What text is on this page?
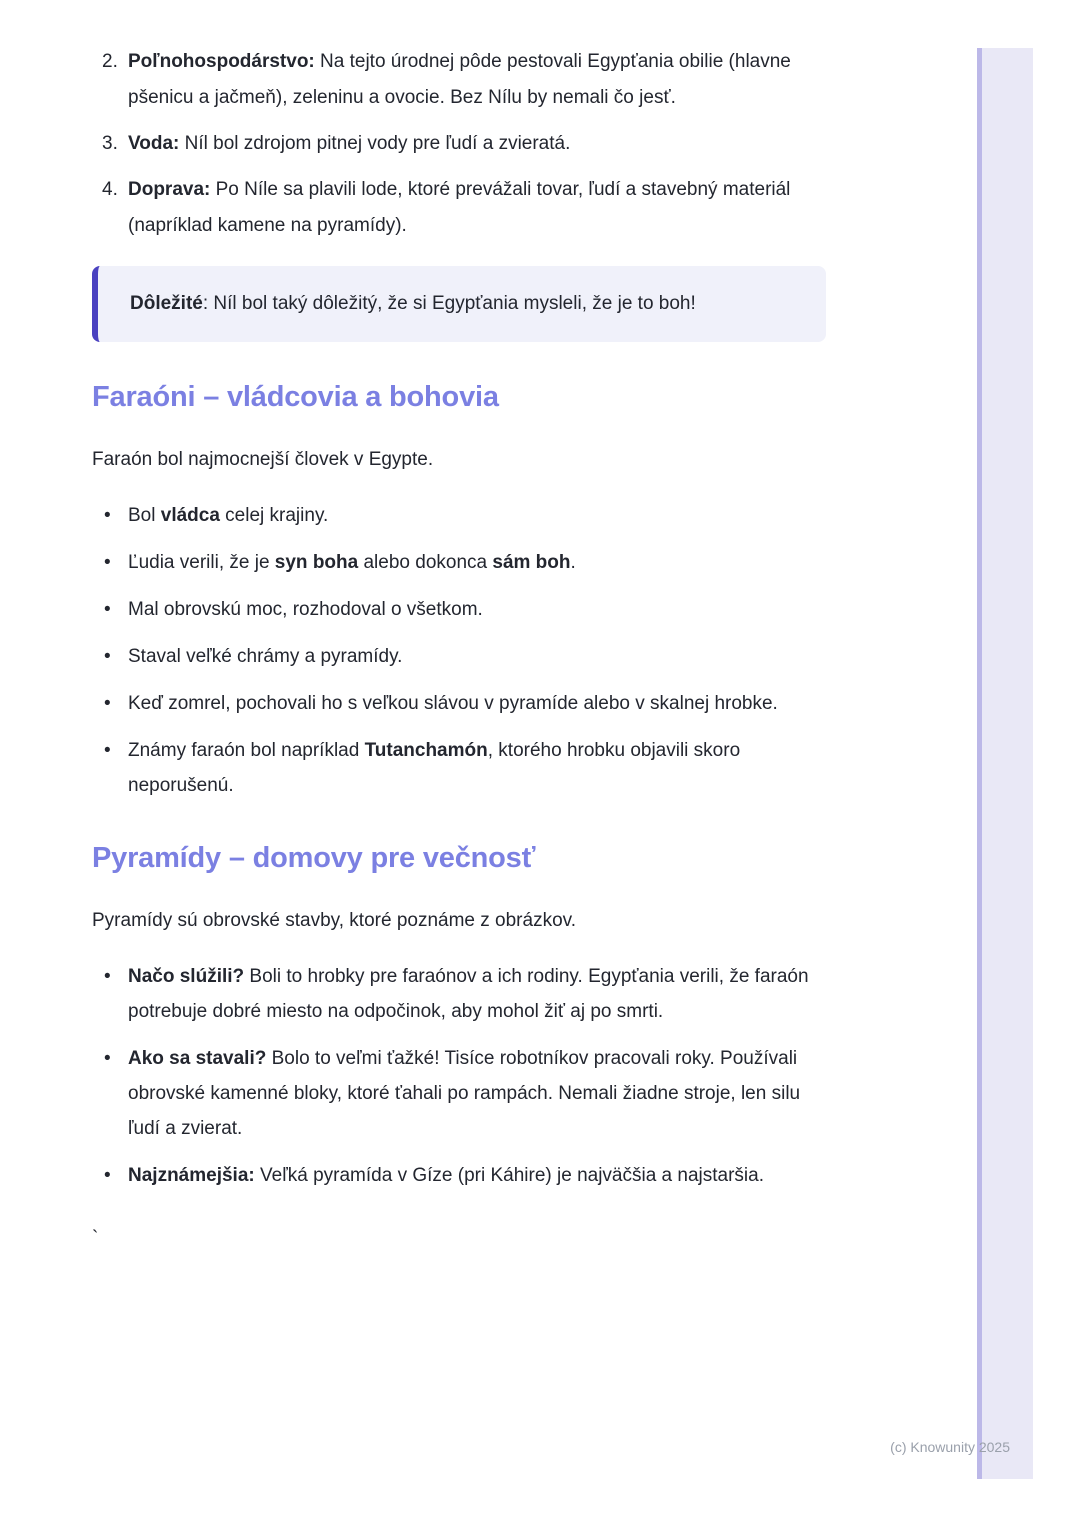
2. Poľnohospodárstvo: Na tejto úrodnej pôde pestovali Egypťania obilie (hlavne pšenicu a jačmeň), zeleninu a ovocie. Bez Nílu by nemali čo jesť.
3. Voda: Níl bol zdrojom pitnej vody pre ľudí a zvieratá.
4. Doprava: Po Níle sa plavili lode, ktoré prevážali tovar, ľudí a stavebný materiál (napríklad kamene na pyramídy).
Dôležité: Níl bol taký dôležitý, že si Egypťania mysleli, že je to boh!
Faraóni – vládcovia a bohovia

Faraón bol najmocnejší človek v Egypte.

• Bol vládca celej krajiny.
• Ľudia verili, že je syn boha alebo dokonca sám boh.
• Mal obrovskú moc, rozhodoval o všetkom.
• Staval veľké chrámy a pyramídy.
• Keď zomrel, pochovali ho s veľkou slávou v pyramíde alebo v skalnej hrobke.
• Známy faraón bol napríklad Tutanchamón, ktorého hrobku objavili skoro neporušenú.
Pyramídy – domovy pre večnosť

Pyramídy sú obrovské stavby, ktoré poznáme z obrázkov.

• Načo slúžili? Boli to hrobky pre faraónov a ich rodiny. Egypťania verili, že faraón potrebuje dobré miesto na odpočinok, aby mohol žiť aj po smrti.
• Ako sa stavali? Bolo to veľmi ťažké! Tisíce robotníkov pracovali roky. Používali obrovské kamenné bloky, ktoré ťahali po rampách. Nemali žiadne stroje, len silu ľudí a zvierat.
• Najznámejšia: Veľká pyramída v Gíze (pri Káhire) je najväčšia a najstaršia.

`

(c) Knowunity 2025
